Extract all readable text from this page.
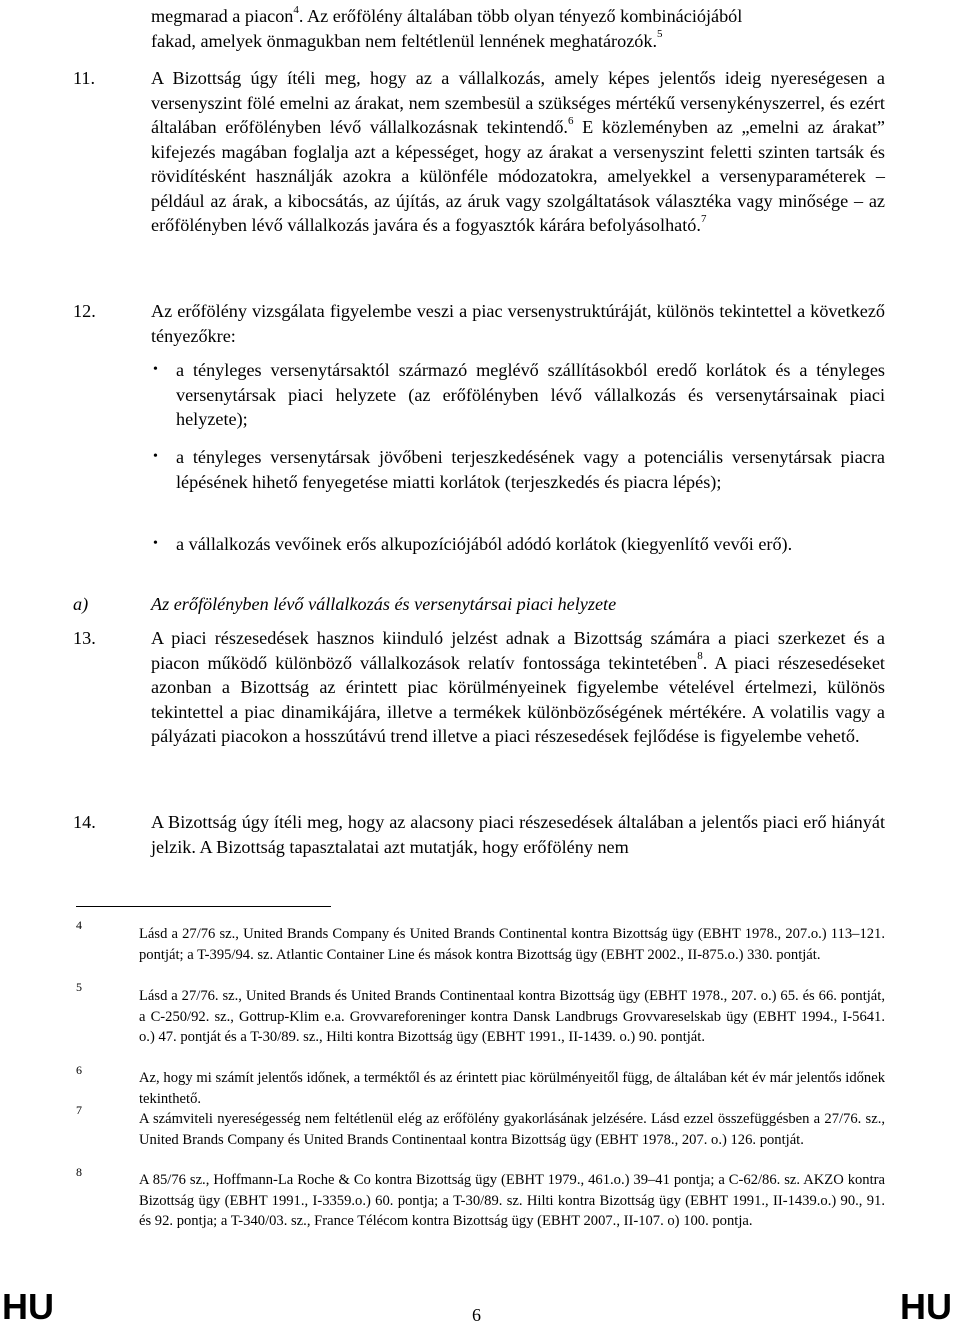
megmarad a piacon$^4$. Az erőfölény általában több olyan tényező kombinációjából
fakad, amelyek önmagukban nem feltétlenül lennének meghatározók.$^5$
11.	A Bizottság úgy ítéli meg, hogy az a vállalkozás, amely képes jelentős ideig nyereségesen a versenyszint fölé emelni az árakat, nem szembesül a szükséges mértékű versenykényszerrel, és ezért általában erőfölényben lévő vállalkozásnak tekintendő.$^6$ E közleményben az „emelni az árakat” kifejezés magában foglalja azt a képességet, hogy az árakat a versenyszint feletti szinten tartsák és rövidítésként használják azokra a különféle módozatokra, amelyekkel a versenyparaméterek – például az árak, a kibocsátás, az újítás, az áruk vagy szolgáltatások választéka vagy minősége – az erőfölényben lévő vállalkozás javára és a fogyasztók kárára befolyásolható.$^7$
12.	Az erőfölény vizsgálata figyelembe veszi a piac versenystruktúráját, különös tekintettel a következő tényezőkre:
• a tényleges versenytársaktól származó meglévő szállításokból eredő korlátok és a tényleges versenytársak piaci helyzete (az erőfölényben lévő vállalkozás és versenytársainak piaci helyzete);
• a tényleges versenytársak jövőbeni terjeszkedésének vagy a potenciális versenytársak piacra lépésének hihető fenyegetése miatti korlátok (terjeszkedés és piacra lépés);
• a vállalkozás vevőinek erős alkupozíciójából adódó korlátok (kiegyenlítő vevői erő).
a)	Az erőfölényben lévő vállalkozás és versenytársai piaci helyzete
13.	A piaci részesedések hasznos kiinduló jelzést adnak a Bizottság számára a piaci szerkezet és a piacon működő különböző vállalkozások relatív fontossága tekintetében$^8$. A piaci részesedéseket azonban a Bizottság az érintett piac körülményeinek figyelembe vételével értelmezi, különös tekintettel a piac dinamikájára, illetve a termékek különbözőségének mértékére. A volatilis vagy a pályázati piacokon a hosszútávú trend illetve a piaci részesedések fejlődése is figyelembe vehető.
14.	A Bizottság úgy ítéli meg, hogy az alacsony piaci részesedések általában a jelentős piaci erő hiányát jelzik. A Bizottság tapasztalatai azt mutatják, hogy erőfölény nem
4
Lásd a 27/76 sz., United Brands Company és United Brands Continental kontra Bizottság ügy (EBHT 1978., 207.o.) 113–121. pontját; a T-395/94. sz. Atlantic Container Line és mások kontra Bizottság ügy (EBHT 2002., II-875.o.) 330. pontját.
5
Lásd a 27/76. sz., United Brands és United Brands Continentaal kontra Bizottság ügy (EBHT 1978., 207. o.) 65. és 66. pontját, a C-250/92. sz., Gottrup-Klim e.a. Grovvareforeninger kontra Dansk Landbrugs Grovvareselskab ügy (EBHT 1994., I-5641. o.) 47. pontját és a T-30/89. sz., Hilti kontra Bizottság ügy (EBHT 1991., II-1439. o.) 90. pontját.
6	Az, hogy mi számít jelentős időnek, a terméktől és az érintett piac körülményeitől függ, de általában két év már jelentős időnek tekinthető.
7
A számviteli nyereségesség nem feltétlenül elég az erőfölény gyakorlásának jelzésére. Lásd ezzel összefüggésben a 27/76. sz., United Brands Company és United Brands Continentaal kontra Bizottság ügy (EBHT 1978., 207. o.) 126. pontját.
8	A 85/76 sz., Hoffmann-La Roche & Co kontra Bizottság ügy (EBHT 1979., 461.o.) 39–41 pontja; a C-62/86. sz. AKZO kontra Bizottság ügy (EBHT 1991., I-3359.o.) 60. pontja; a T-30/89. sz. Hilti kontra Bizottság ügy (EBHT 1991., II-1439.o.) 90., 91. és 92. pontja; a T-340/03. sz., France Télécom kontra Bizottság ügy (EBHT 2007., II-107. o) 100. pontja.
HU	6	HU
